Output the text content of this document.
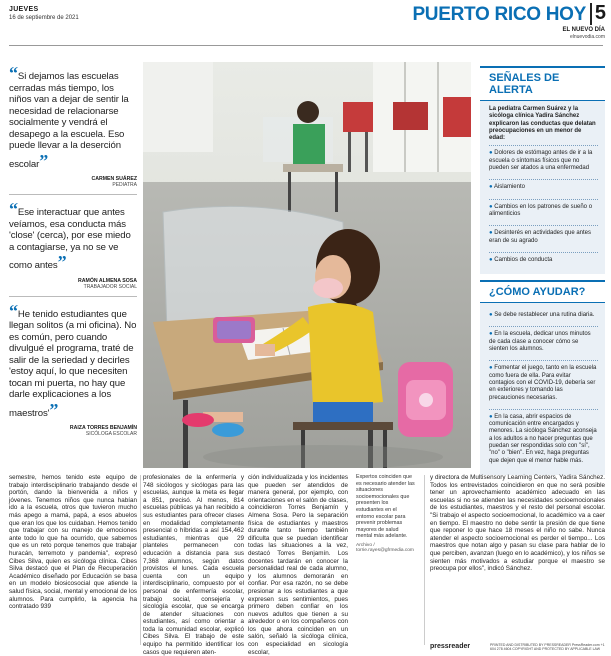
JUEVES
16 de septiembre de 2021	PUERTO RICO HOY 5
EL NUEVO DÍA
elnuevodia.com
“Si dejamos las escuelas cerradas más tiempo, los niños van a dejar de sentir la necesidad de relacionarse socialmente y vendrá el desapego a la escuela. Eso puede llevar a la deserción escolar”
CARMEN SUÁREZ
PEDIATRA
“Ese interactuar que antes veíamos, esa conducta más 'close' (cerca), por ese miedo a contagiarse, ya no se ve como antes”
RAMÓN ALMENA SOSA
TRABAJADOR SOCIAL
“He tenido estudiantes que llegan solitos (a mi oficina). No es común, pero cuando divulgué el programa, traté de salir de la seriedad y decirles 'estoy aquí, lo que necesiten tocan mi puerta, no hay que darle explicaciones a los maestros'”
RAIZA TORRES BENJAMÍN
SICÓLOGA ESCOLAR
SEÑALES DE ALERTA
La pediatra Carmen Suárez y la sicóloga clínica Yadira Sánchez explicaron las conductas que delatan preocupaciones en un menor de edad:
● Dolores de estómago antes de ir a la escuela o síntomas físicos que no pueden ser atados a una enfermedad
● Aislamiento
● Cambios en los patrones de sueño o alimenticios
● Desinterés en actividades que antes eran de su agrado
● Cambios de conducta
¿CÓMO AYUDAR?
● Se debe restablecer una rutina diaria.
● En la escuela, dedicar unos minutos de cada clase a conocer cómo se sienten los alumnos.
● Fomentar el juego, tanto en la escuela como fuera de ella. Para evitar contagios con el COVID-19, debería ser en exteriores y tomando las precauciones necesarias.
● En la casa, abrir espacios de comunicación entre encargados y menores. La sicóloga Sánchez aconseja a los adultos a no hacer preguntas que puedan ser respondidas solo con "sí", "no" o "bien". En vez, haga preguntas que dejen que el menor hable más.
semestre, hemos tenido este equipo de trabajo interdisciplinario trabajando desde el portón, dando la bienvenida a niños y jóvenes. Tenemos niños que nunca habían ido a la escuela, otros que tuvieron mucho más apego a mamá, papá, a esos abuelos que eran los que los cuidaban. Hemos tenido que trabajar con su manejo de emociones ante todo lo que ha ocurrido, que sabemos que es un reto porque tenemos que trabajar huracán, terremoto y pandemia", expresó Cibes Silva, quien es sicóloga clínica. Cibes Silva destacó que el Plan de Recuperación Académico diseñado por Educación se basa en un modelo biosicosocial que atiende la salud física, social, mental y emocional de los alumnos. Para cumplirlo, la agencia ha contratado 939
profesionales de la enfermería y 748 sicólogos y sicólogas para las escuelas, aunque la meta es llegar a 851, precisó. Al menos, 814 escuelas públicas ya han recibido a sus estudiantes para ofrecer clases en modalidad completamente presencial o híbridas a así 154,462 estudiantes, mientras que 29 planteles permanecen con educación a distancia para sus 7,368 alumnos, según datos provistos el lunes. Cada escuela cuenta con un equipo interdisciplinario, compuesto por el personal de enfermería escolar, trabajo social, consejería y sicología escolar, que se encarga de atender situaciones con estudiantes, así como orientar a toda la comunidad escolar, explicó Cibes Silva. El trabajo de este equipo ha permitido identificar los casos que requieren aten-
ción individualizada y los incidentes que pueden ser atendidos de manera general, por ejemplo, con orientaciones en el salón de clases, coincidieron Torres Benjamín y Almena Sosa. Pero la separación física de estudiantes y maestros durante tanto tiempo también dificulta que se puedan identificar todas las situaciones a la vez, destacó Torres Benjamín. Los docentes tardarán en conocer la personalidad real de cada alumno, y los alumnos demorarán en confiar. Por esa razón, no se debe presionar a los estudiantes a que expresen sus sentimientos, pues primero deben confiar en los nuevos adultos que tienen a su alrededor o en los compañeros con los que ahora coinciden en un salón, señaló la sicóloga clínica, con especialidad en sicología escolar,
Expertos coinciden que es necesario atender las situaciones socioemocionales que presenten los estudiantes en el entorno escolar para prevenir problemas mayores de salud mental más adelante.
Archivo / torrie.rayes@gfrmedia.com
y directora de Multisensory Learning Centers, Yadira Sánchez. Todos los entrevistados coincidieron en que no será posible tener un aprovechamiento académico adecuado en las escuelas si no se atienden las necesidades socioemocionales de los estudiantes, maestros y el resto del personal escolar. "Si trabajo el aspecto socioemocional, lo académico va a caer en tiempo. El maestro no debe sentir la presión de que tiene que reponer lo que hace 18 meses el niño no sabe. Nunca atender el aspecto socioemocional es perder el tiempo... Los maestros que notan algo y pasan su clase para hablar de lo que perciben, avanzan (luego en lo académico), y los niños se sienten más motivados a estudiar porque el maestro se preocupa por ellos", indicó Sánchez.
pressreader	PRINTED AND DISTRIBUTED BY PRESSREADER PressReader.com +1 604 278 4604 COPYRIGHT AND PROTECTED BY APPLICABLE LAW
